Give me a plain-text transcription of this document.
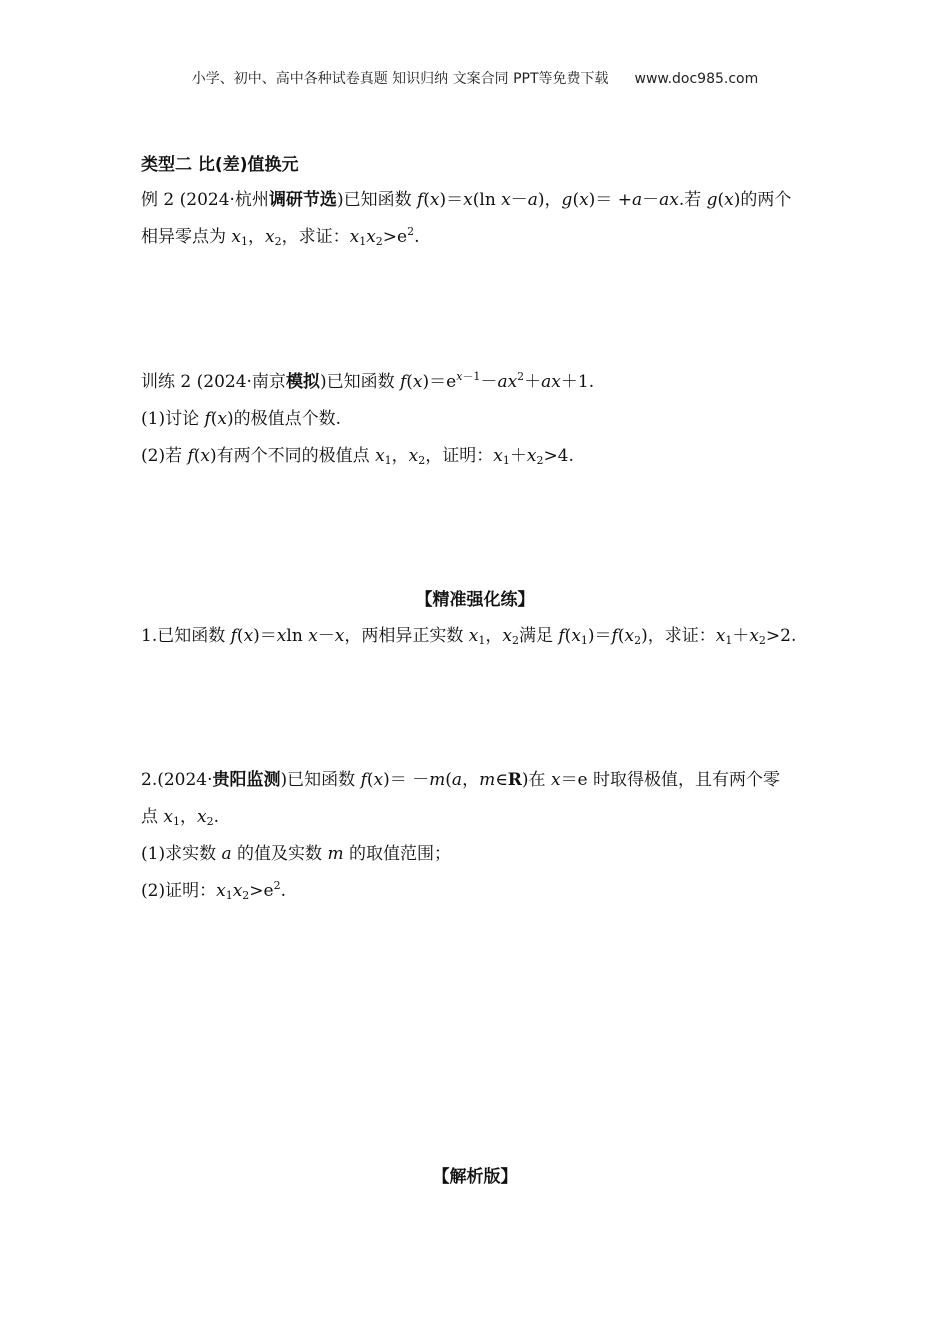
小学、初中、高中各种试卷真题 知识归纳 文案合同 PPT等免费下载 www.doc985.com
类型二 比(差)值换元
例 2 (2024·杭州调研节选)已知函数 f(x)＝x(ln x－a)，g(x)＝ +a－ax.若 g(x)的两个
相异零点为 $x_1$，$x_2$，求证：$x_1x_2>e^2$.
训练 2 (2024·南京模拟)已知函数 $f(x)=e^{x-1}-ax^2+ax+1$.
(1)讨论 f(x)的极值点个数.
(2)若 f(x)有两个不同的极值点 $x_1$，$x_2$，证明：$x_1+x_2>4$.
【精准强化练】
1.已知函数 f(x)＝xln x－x，两相异正实数 $x_1$，$x_2$满足 $f(x_1)=f(x_2)$，求证：$x_1+x_2>2$.
2.(2024·贵阳监测)已知函数 f(x)＝ －m(a，m∈R)在 x＝e 时取得极值，且有两个零
点 $x_1$，$x_2$.
(1)求实数 a 的值及实数 m 的取值范围；
(2)证明：$x_1x_2>e^2$.
【解析版】
